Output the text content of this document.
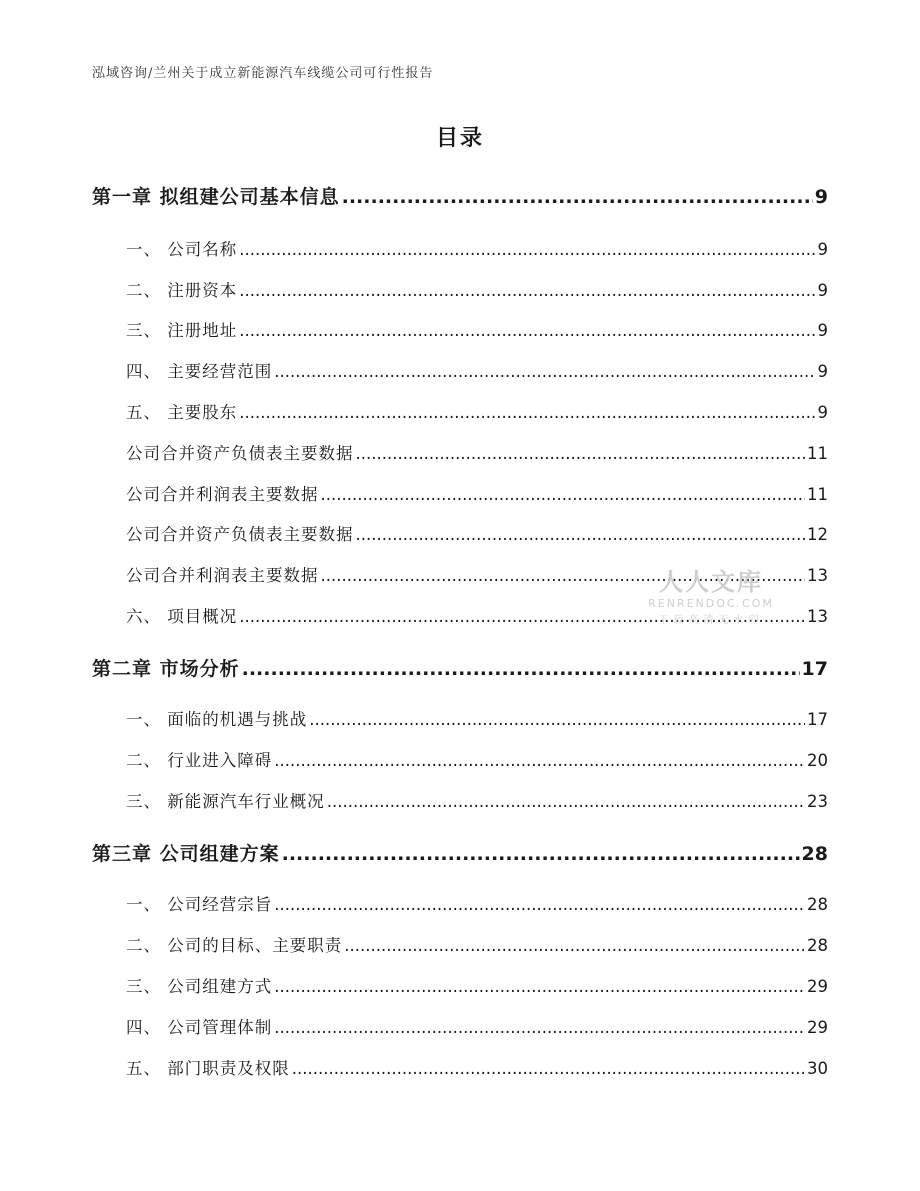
泓域咨询/兰州关于成立新能源汽车线缆公司可行性报告
目录
第一章 拟组建公司基本信息 .....	9
一、 公司名称 .....	9
二、 注册资本 .....	9
三、 注册地址 .....	9
四、 主要经营范围 .....	9
五、 主要股东 .....	9
公司合并资产负债表主要数据 .....	11
公司合并利润表主要数据 .....	11
公司合并资产负债表主要数据 .....	12
公司合并利润表主要数据 .....	13
六、 项目概况 .....	13
第二章 市场分析 .....	17
一、 面临的机遇与挑战 .....	17
二、 行业进入障碍 .....	20
三、 新能源汽车行业概况 .....	23
第三章 公司组建方案 .....	28
一、 公司经营宗旨 .....	28
二、 公司的目标、主要职责 .....	28
三、 公司组建方式 .....	29
四、 公司管理体制 .....	29
五、 部门职责及权限 .....	30
人人文库
RENRENDOC.COM
下载高清无水印
